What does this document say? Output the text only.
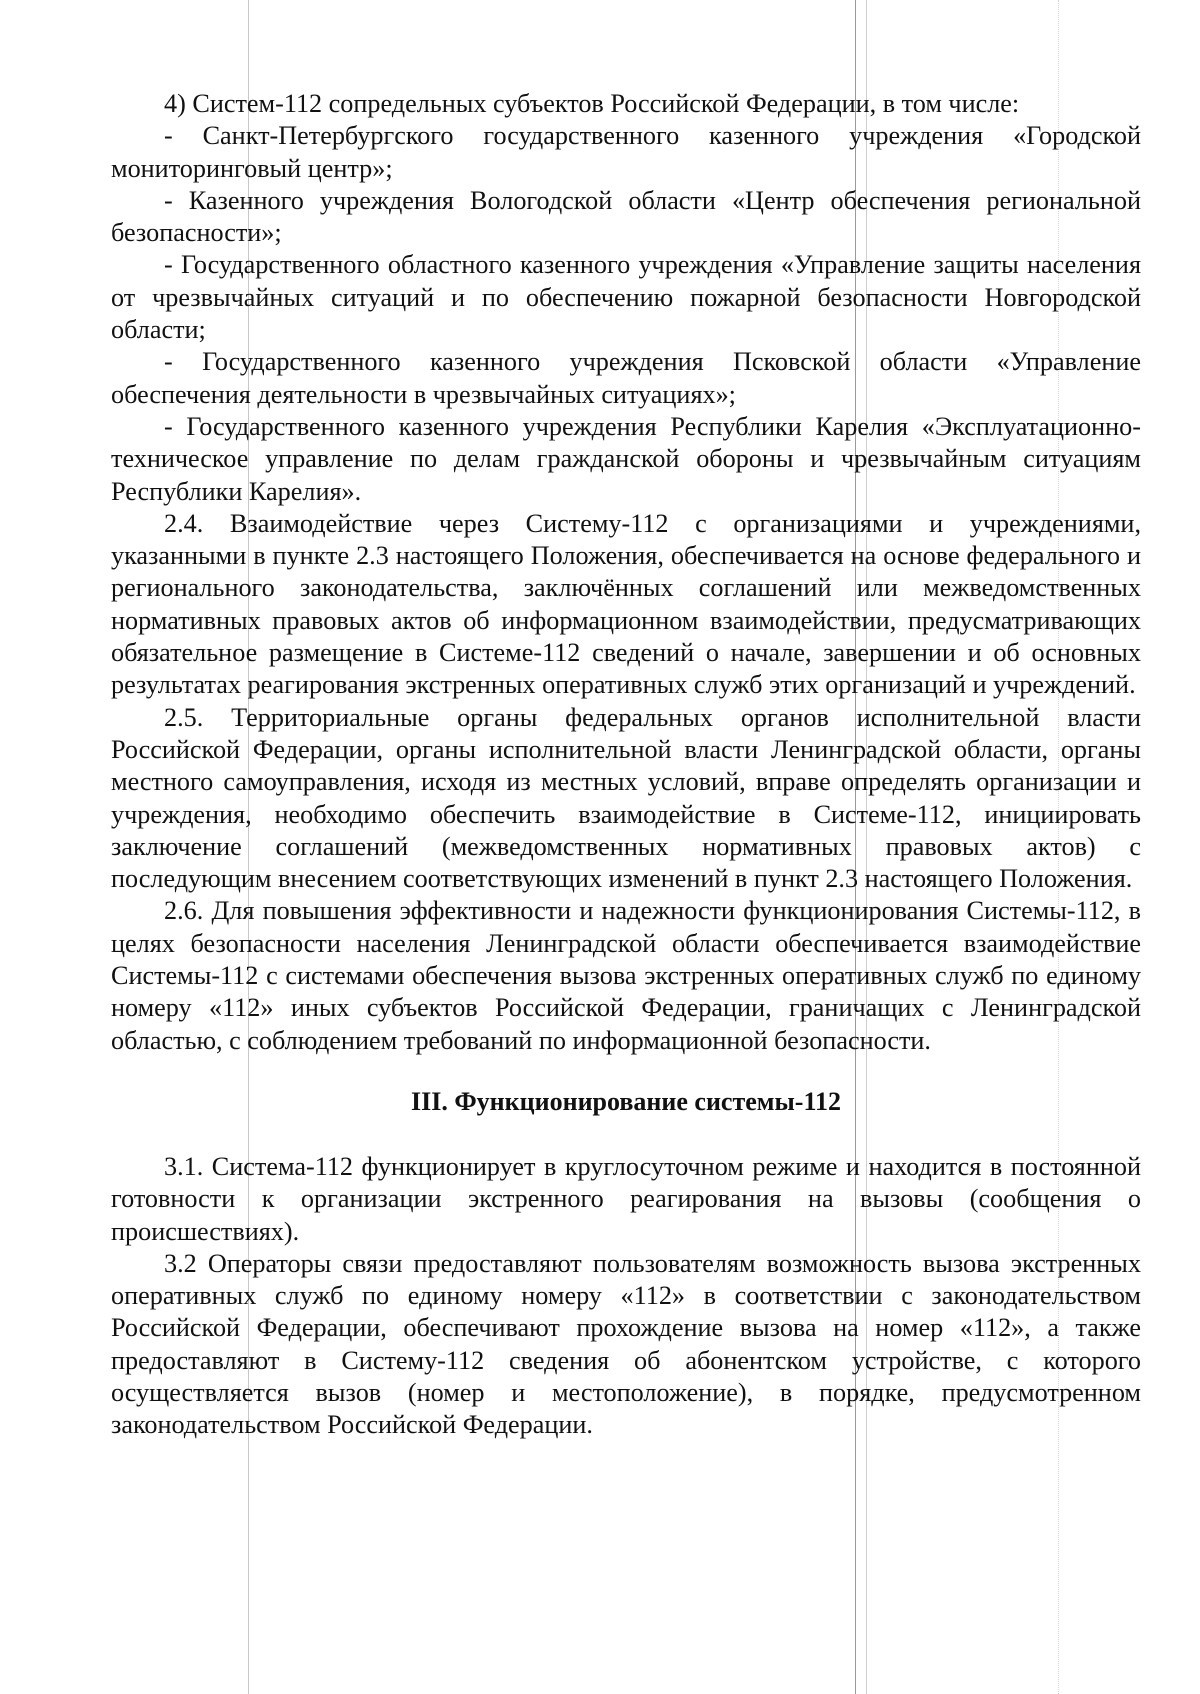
4) Систем-112 сопредельных субъектов Российской Федерации, в том числе:

- Санкт-Петербургского государственного казенного учреждения «Городской мониторинговый центр»;

- Казенного учреждения Вологодской области «Центр обеспечения региональной безопасности»;

- Государственного областного казенного учреждения «Управление защиты населения от чрезвычайных ситуаций и по обеспечению пожарной безопасности Новгородской области;

- Государственного казенного учреждения Псковской области «Управление обеспечения деятельности в чрезвычайных ситуациях»;

- Государственного казенного учреждения Республики Карелия «Эксплуатационно-техническое управление по делам гражданской обороны и чрезвычайным ситуациям Республики Карелия».

2.4. Взаимодействие через Систему-112 с организациями и учреждениями, указанными в пункте 2.3 настоящего Положения, обеспечивается на основе федерального и регионального законодательства, заключённых соглашений или межведомственных нормативных правовых актов об информационном взаимодействии, предусматривающих обязательное размещение в Системе-112 сведений о начале, завершении и об основных результатах реагирования экстренных оперативных служб этих организаций и учреждений.

2.5. Территориальные органы федеральных органов исполнительной власти Российской Федерации, органы исполнительной власти Ленинградской области, органы местного самоуправления, исходя из местных условий, вправе определять организации и учреждения, необходимо обеспечить взаимодействие в Системе-112, инициировать заключение соглашений (межведомственных нормативных правовых актов) с последующим внесением соответствующих изменений в пункт 2.3 настоящего Положения.

2.6. Для повышения эффективности и надежности функционирования Системы-112, в целях безопасности населения Ленинградской области обеспечивается взаимодействие Системы-112 с системами обеспечения вызова экстренных оперативных служб по единому номеру «112» иных субъектов Российской Федерации, граничащих с Ленинградской областью, с соблюдением требований по информационной безопасности.

III. Функционирование системы-112

3.1. Система-112 функционирует в круглосуточном режиме и находится в постоянной готовности к организации экстренного реагирования на вызовы (сообщения о происшествиях).

3.2 Операторы связи предоставляют пользователям возможность вызова экстренных оперативных служб по единому номеру «112» в соответствии с законодательством Российской Федерации, обеспечивают прохождение вызова на номер «112», а также предоставляют в Систему-112 сведения об абонентском устройстве, с которого осуществляется вызов (номер и местоположение), в порядке, предусмотренном законодательством Российской Федерации.
